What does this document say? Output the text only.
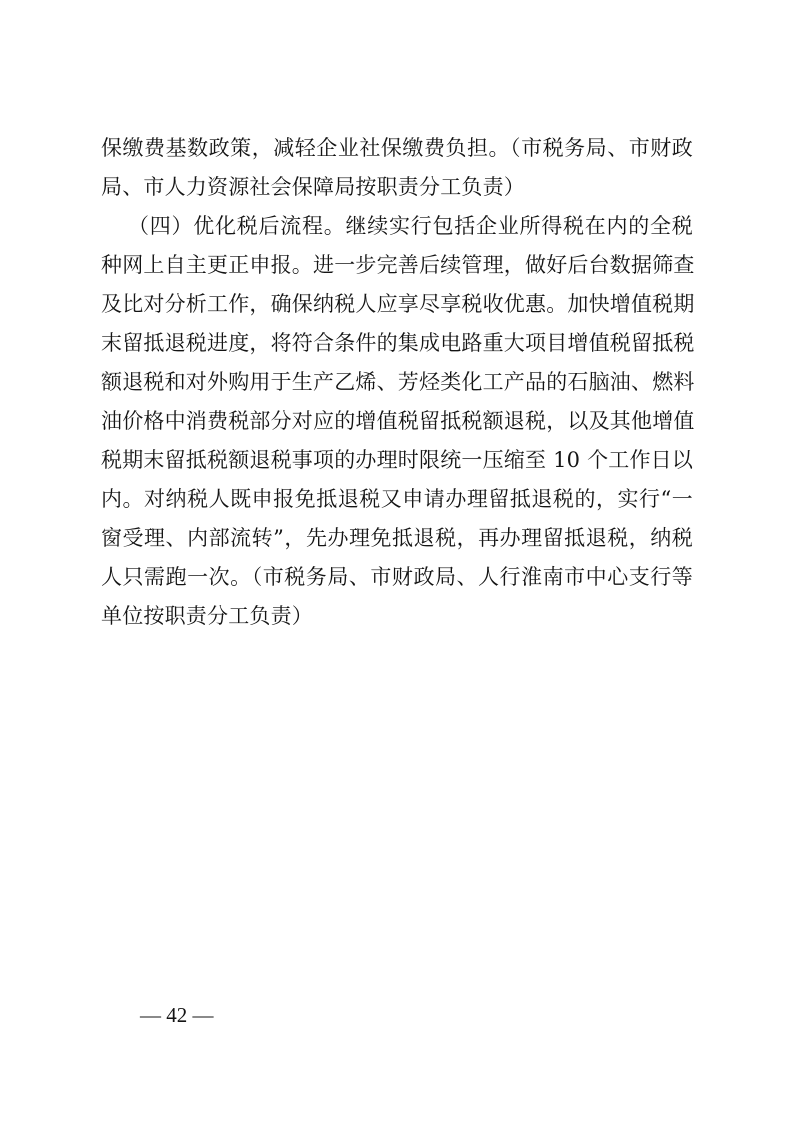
保缴费基数政策，减轻企业社保缴费负担。（市税务局、市财政
局、市人力资源社会保障局按职责分工负责）
（四）优化税后流程。继续实行包括企业所得税在内的全税
种网上自主更正申报。进一步完善后续管理，做好后台数据筛查
及比对分析工作，确保纳税人应享尽享税收优惠。加快增值税期
末留抵退税进度，将符合条件的集成电路重大项目增值税留抵税
额退税和对外购用于生产乙烯、芳烃类化工产品的石脑油、燃料
油价格中消费税部分对应的增值税留抵税额退税，以及其他增值
税期末留抵税额退税事项的办理时限统一压缩至 10 个工作日以
内。对纳税人既申报免抵退税又申请办理留抵退税的，实行“一
窗受理、内部流转”，先办理免抵退税，再办理留抵退税，纳税
人只需跑一次。（市税务局、市财政局、人行淮南市中心支行等
单位按职责分工负责）
— 42 —
